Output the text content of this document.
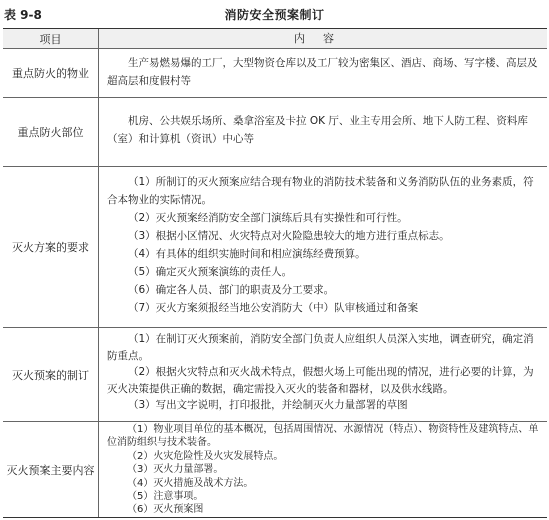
表 9-8	消防安全预案制订
项目	内容
重点防火的物业

生产易燃易爆的工厂，大型物资仓库以及工厂较为密集区、酒店、商场、写字楼、高层及超高层和度假村等

重点防火部位

机房、公共娱乐场所、桑拿浴室及卡拉 OK 厅、业主专用会所、地下人防工程、资料库（室）和计算机（资讯）中心等

灭火方案的要求

（1）所制订的灭火预案应结合现有物业的消防技术装备和义务消防队伍的业务素质，符合本物业的实际情况。

（2）灭火预案经消防安全部门演练后具有实操性和可行性。

（3）根据小区情况、火灾特点对火险隐患较大的地方进行重点标志。

（4）有具体的组织实施时间和相应演练经费预算。

（5）确定灭火预案演练的责任人。

（6）确定各人员、部门的职责及分工要求。

（7）灭火方案须报经当地公安消防大（中）队审核通过和备案

灭火预案的制订

（1）在制订灭火预案前，消防安全部门负责人应组织人员深入实地，调查研究，确定消防重点。

（2）根据火灾特点和灭火战术特点，假想火场上可能出现的情况，进行必要的计算，为灭火决策提供正确的数据，确定需投入灭火的装备和器材，以及供水线路。

（3）写出文字说明，打印报批，并绘制灭火力量部署的草图

灭火预案主要内容

（1）物业项目单位的基本概况，包括周围情况、水源情况（特点）、物资特性及建筑特点、单位消防组织与技术装备。

（2）火灾危险性及火灾发展特点。

（3）灭火力量部署。

（4）灭火措施及战术方法。

（5）注意事项。

（6）灭火预案图
